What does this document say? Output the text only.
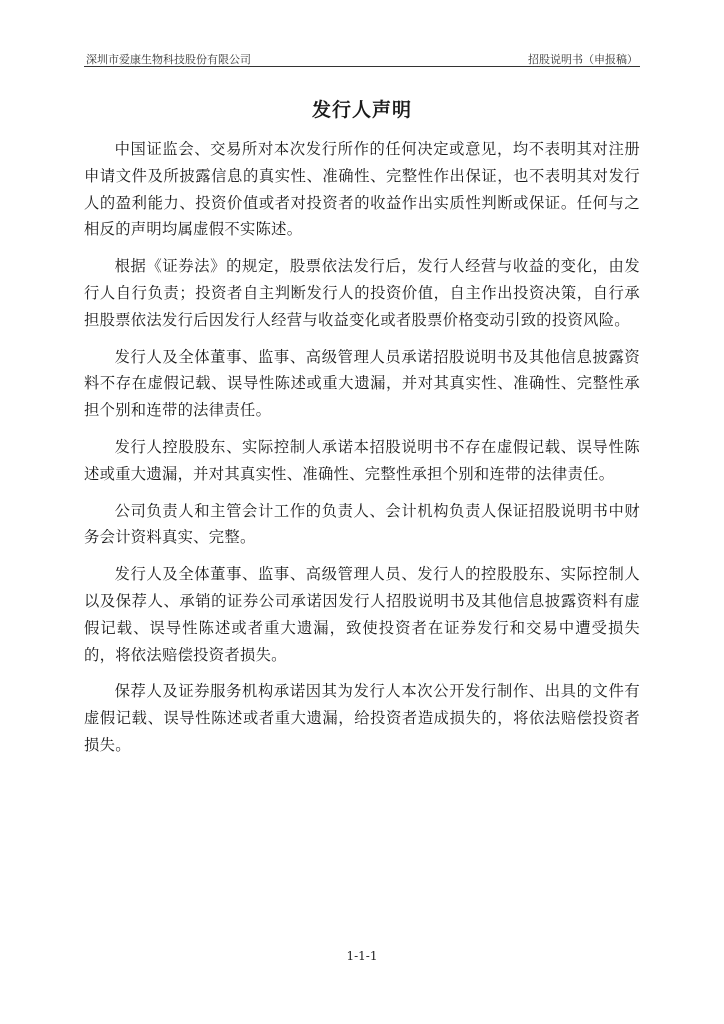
深圳市爱康生物科技股份有限公司	招股说明书（申报稿）
发行人声明

中国证监会、交易所对本次发行所作的任何决定或意见，均不表明其对注册申请文件及所披露信息的真实性、准确性、完整性作出保证，也不表明其对发行人的盈利能力、投资价值或者对投资者的收益作出实质性判断或保证。任何与之相反的声明均属虚假不实陈述。

根据《证券法》的规定，股票依法发行后，发行人经营与收益的变化，由发行人自行负责；投资者自主判断发行人的投资价值，自主作出投资决策，自行承担股票依法发行后因发行人经营与收益变化或者股票价格变动引致的投资风险。

发行人及全体董事、监事、高级管理人员承诺招股说明书及其他信息披露资料不存在虚假记载、误导性陈述或重大遗漏，并对其真实性、准确性、完整性承担个别和连带的法律责任。

发行人控股股东、实际控制人承诺本招股说明书不存在虚假记载、误导性陈述或重大遗漏，并对其真实性、准确性、完整性承担个别和连带的法律责任。

公司负责人和主管会计工作的负责人、会计机构负责人保证招股说明书中财务会计资料真实、完整。

发行人及全体董事、监事、高级管理人员、发行人的控股股东、实际控制人以及保荐人、承销的证券公司承诺因发行人招股说明书及其他信息披露资料有虚假记载、误导性陈述或者重大遗漏，致使投资者在证券发行和交易中遭受损失的，将依法赔偿投资者损失。

保荐人及证券服务机构承诺因其为发行人本次公开发行制作、出具的文件有虚假记载、误导性陈述或者重大遗漏，给投资者造成损失的，将依法赔偿投资者损失。

1-1-1
